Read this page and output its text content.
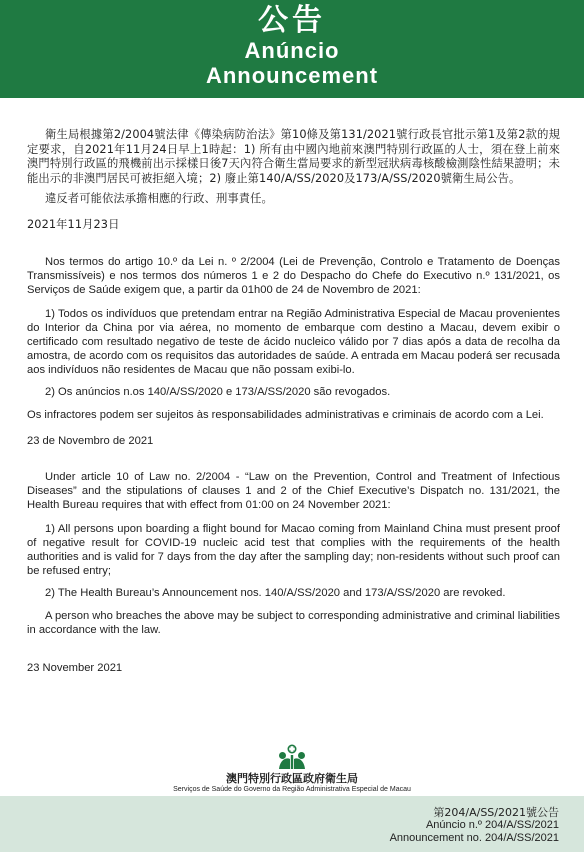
公告
Anúncio
Announcement

衛生局根據第2/2004號法律《傳染病防治法》第10條及第131/2021號行政長官批示第1及第2款的規定要求，自2021年11月24日早上1時起：1) 所有由中國內地前來澳門特別行政區的人士，須在登上前來澳門特別行政區的飛機前出示採樣日後7天內符合衛生當局要求的新型冠狀病毒核酸檢測陰性結果證明；未能出示的非澳門居民可被拒絕入境；2) 廢止第140/A/SS/2020及173/A/SS/2020號衛生局公告。

違反者可能依法承擔相應的行政、刑事責任。

2021年11月23日

Nos termos do artigo 10.º da Lei n. º 2/2004 (Lei de Prevenção, Controlo e Tratamento de Doenças Transmissíveis) e nos termos dos números 1 e 2 do Despacho do Chefe do Executivo n.º 131/2021, os Serviços de Saúde exigem que, a partir da 01h00 de 24 de Novembro de 2021:

1) Todos os indivíduos que pretendam entrar na Região Administrativa Especial de Macau provenientes do Interior da China por via aérea, no momento de embarque com destino a Macau, devem exibir o certificado com resultado negativo de teste de ácido nucleico válido por 7 dias após a data de recolha da amostra, de acordo com os requisitos das autoridades de saúde. A entrada em Macau poderá ser recusada aos indivíduos não residentes de Macau que não possam exibi-lo.

2) Os anúncios n.os 140/A/SS/2020 e 173/A/SS/2020 são revogados.

Os infractores podem ser sujeitos às responsabilidades administrativas e criminais de acordo com a Lei.

23 de Novembro de 2021

Under article 10 of Law no. 2/2004 - “Law on the Prevention, Control and Treatment of Infectious Diseases” and the stipulations of clauses 1 and 2 of the Chief Executive’s Dispatch no. 131/2021, the Health Bureau requires that with effect from 01:00 on 24 November 2021:

1) All persons upon boarding a flight bound for Macao coming from Mainland China must present proof of negative result for COVID-19 nucleic acid test that complies with the requirements of the health authorities and is valid for 7 days from the day after the sampling day; non-residents without such proof can be refused entry;

2) The Health Bureau’s Announcement nos. 140/A/SS/2020 and 173/A/SS/2020 are revoked.

A person who breaches the above may be subject to corresponding administrative and criminal liabilities in accordance with the law.

23 November 2021

澳門特別行政區政府衛生局
Serviços de Saúde do Governo da Região Administrativa Especial de Macau
第204/A/SS/2021號公告
Anúncio n.º 204/A/SS/2021
Announcement no. 204/A/SS/2021
